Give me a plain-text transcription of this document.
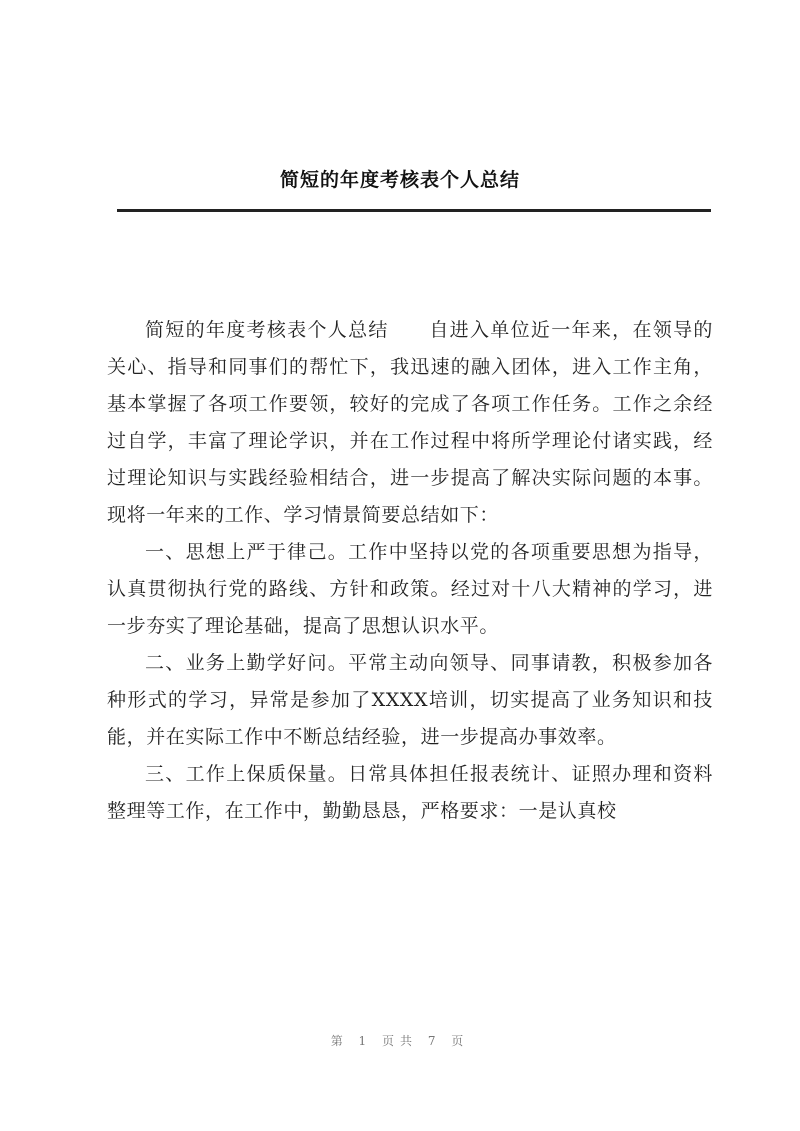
简短的年度考核表个人总结

简短的年度考核表个人总结　　自进入单位近一年来，在领导的关心、指导和同事们的帮忙下，我迅速的融入团体，进入工作主角，基本掌握了各项工作要领，较好的完成了各项工作任务。工作之余经过自学，丰富了理论学识，并在工作过程中将所学理论付诸实践，经过理论知识与实践经验相结合，进一步提高了解决实际问题的本事。现将一年来的工作、学习情景简要总结如下：

一、思想上严于律己。工作中坚持以党的各项重要思想为指导，认真贯彻执行党的路线、方针和政策。经过对十八大精神的学习，进一步夯实了理论基础，提高了思想认识水平。

二、业务上勤学好问。平常主动向领导、同事请教，积极参加各种形式的学习，异常是参加了XXXX培训，切实提高了业务知识和技能，并在实际工作中不断总结经验，进一步提高办事效率。

三、工作上保质保量。日常具体担任报表统计、证照办理和资料整理等工作，在工作中，勤勤恳恳，严格要求：一是认真校

第 1 页共 7 页
